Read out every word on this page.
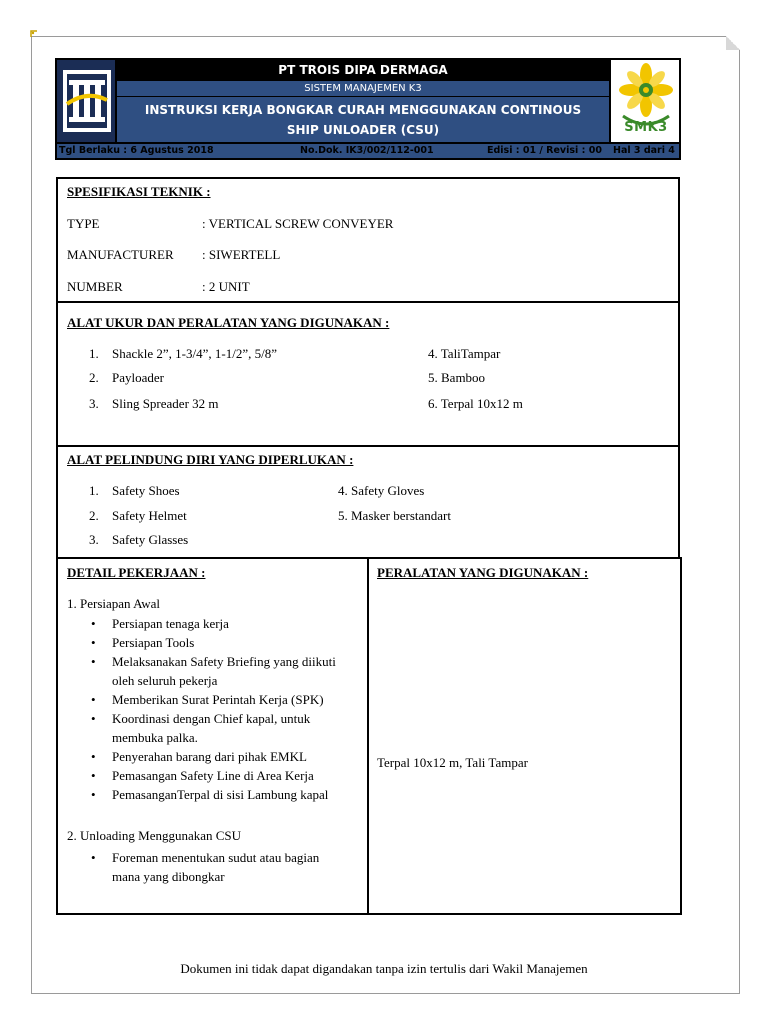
PT TROIS DIPA DERMAGA
SISTEM MANAJEMEN K3
INSTRUKSI KERJA BONGKAR CURAH MENGGUNAKAN CONTINOUS SHIP UNLOADER (CSU)	SMK3
Tgl Berlaku : 6 Agustus 2018	No.Dok. IK3/002/112-001	Edisi : 01 / Revisi : 00 Hal 3 dari 4
SPESIFIKASI TEKNIK :
TYPE	: VERTICAL SCREW CONVEYER
MANUFACTURER : SIWERTELL
NUMBER	: 2 UNIT
ALAT UKUR DAN PERALATAN YANG DIGUNAKAN :
1. Shackle 2”, 1-3/4”, 1-1/2”, 5/8”
2. Payloader
3. Sling Spreader 32 m
4. TaliTampar
5. Bamboo
6. Terpal 10x12 m
ALAT PELINDUNG DIRI YANG DIPERLUKAN :
1. Safety Shoes
2. Safety Helmet
3. Safety Glasses
4. Safety Gloves
5. Masker berstandart
DETAIL PEKERJAAN :
1. Persiapan Awal
• Persiapan tenaga kerja
• Persiapan Tools
• Melaksanakan Safety Briefing yang diikuti
oleh seluruh pekerja
• Memberikan Surat Perintah Kerja (SPK)
• Koordinasi dengan Chief kapal, untuk
membuka palka.
• Penyerahan barang dari pihak EMKL
• Pemasangan Safety Line di Area Kerja
• PemasanganTerpal di sisi Lambung kapal
2. Unloading Menggunakan CSU
• Foreman menentukan sudut atau bagian
mana yang dibongkar
PERALATAN YANG DIGUNAKAN :
Terpal 10x12 m, Tali Tampar
Dokumen ini tidak dapat digandakan tanpa izin tertulis dari Wakil Manajemen
